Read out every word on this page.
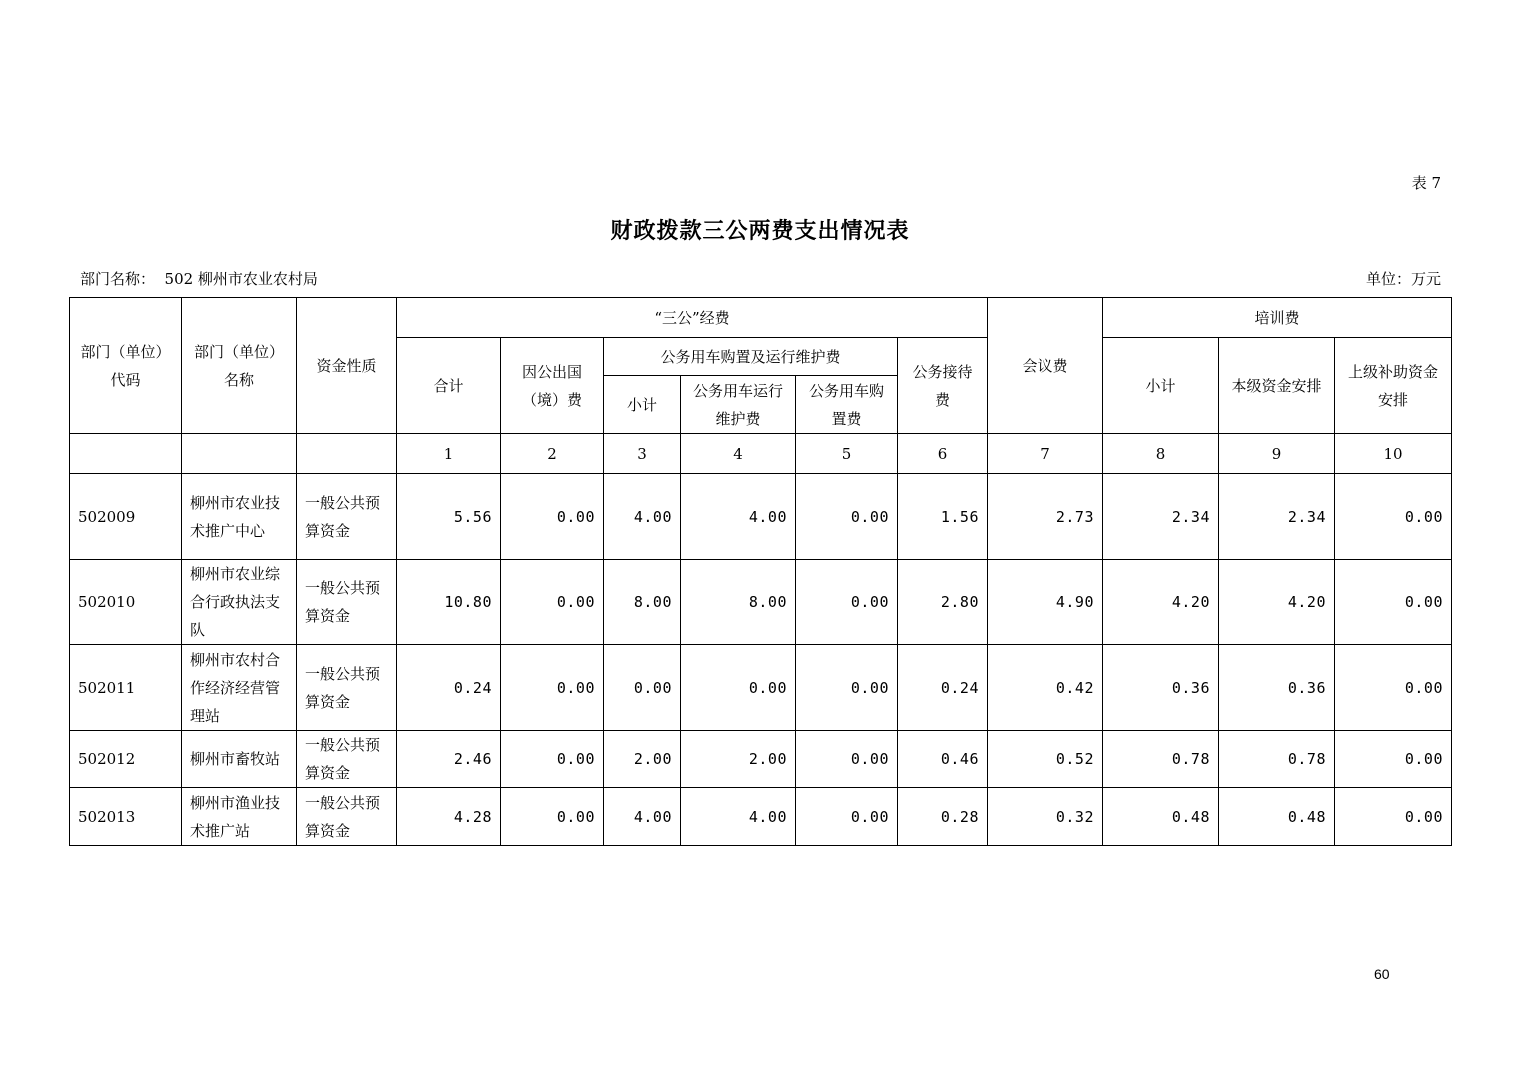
表 7
财政拨款三公两费支出情况表
部门名称：  502 柳州市农业农村局	单位：万元
部门（单位）代码	部门（单位）名称	资金性质	“三公”经费						会议费	培训费		
			合计	因公出国（境）费	公务用车购置及运行维护费			公务接待费		小计	本级资金安排	上级补助资金安排
					小计	公务用车运行维护费	公务用车购置费					
			1	2	3	4	5	6	7	8	9	10
502009	柳州市农业技术推广中心	一般公共预算资金	5.56	0.00	4.00	4.00	0.00	1.56	2.73	2.34	2.34	0.00
502010	柳州市农业综合行政执法支队	一般公共预算资金	10.80	0.00	8.00	8.00	0.00	2.80	4.90	4.20	4.20	0.00
502011	柳州市农村合作经济经营管理站	一般公共预算资金	0.24	0.00	0.00	0.00	0.00	0.24	0.42	0.36	0.36	0.00
502012	柳州市畜牧站	一般公共预算资金	2.46	0.00	2.00	2.00	0.00	0.46	0.52	0.78	0.78	0.00
502013	柳州市渔业技术推广站	一般公共预算资金	4.28	0.00	4.00	4.00	0.00	0.28	0.32	0.48	0.48	0.00
60
